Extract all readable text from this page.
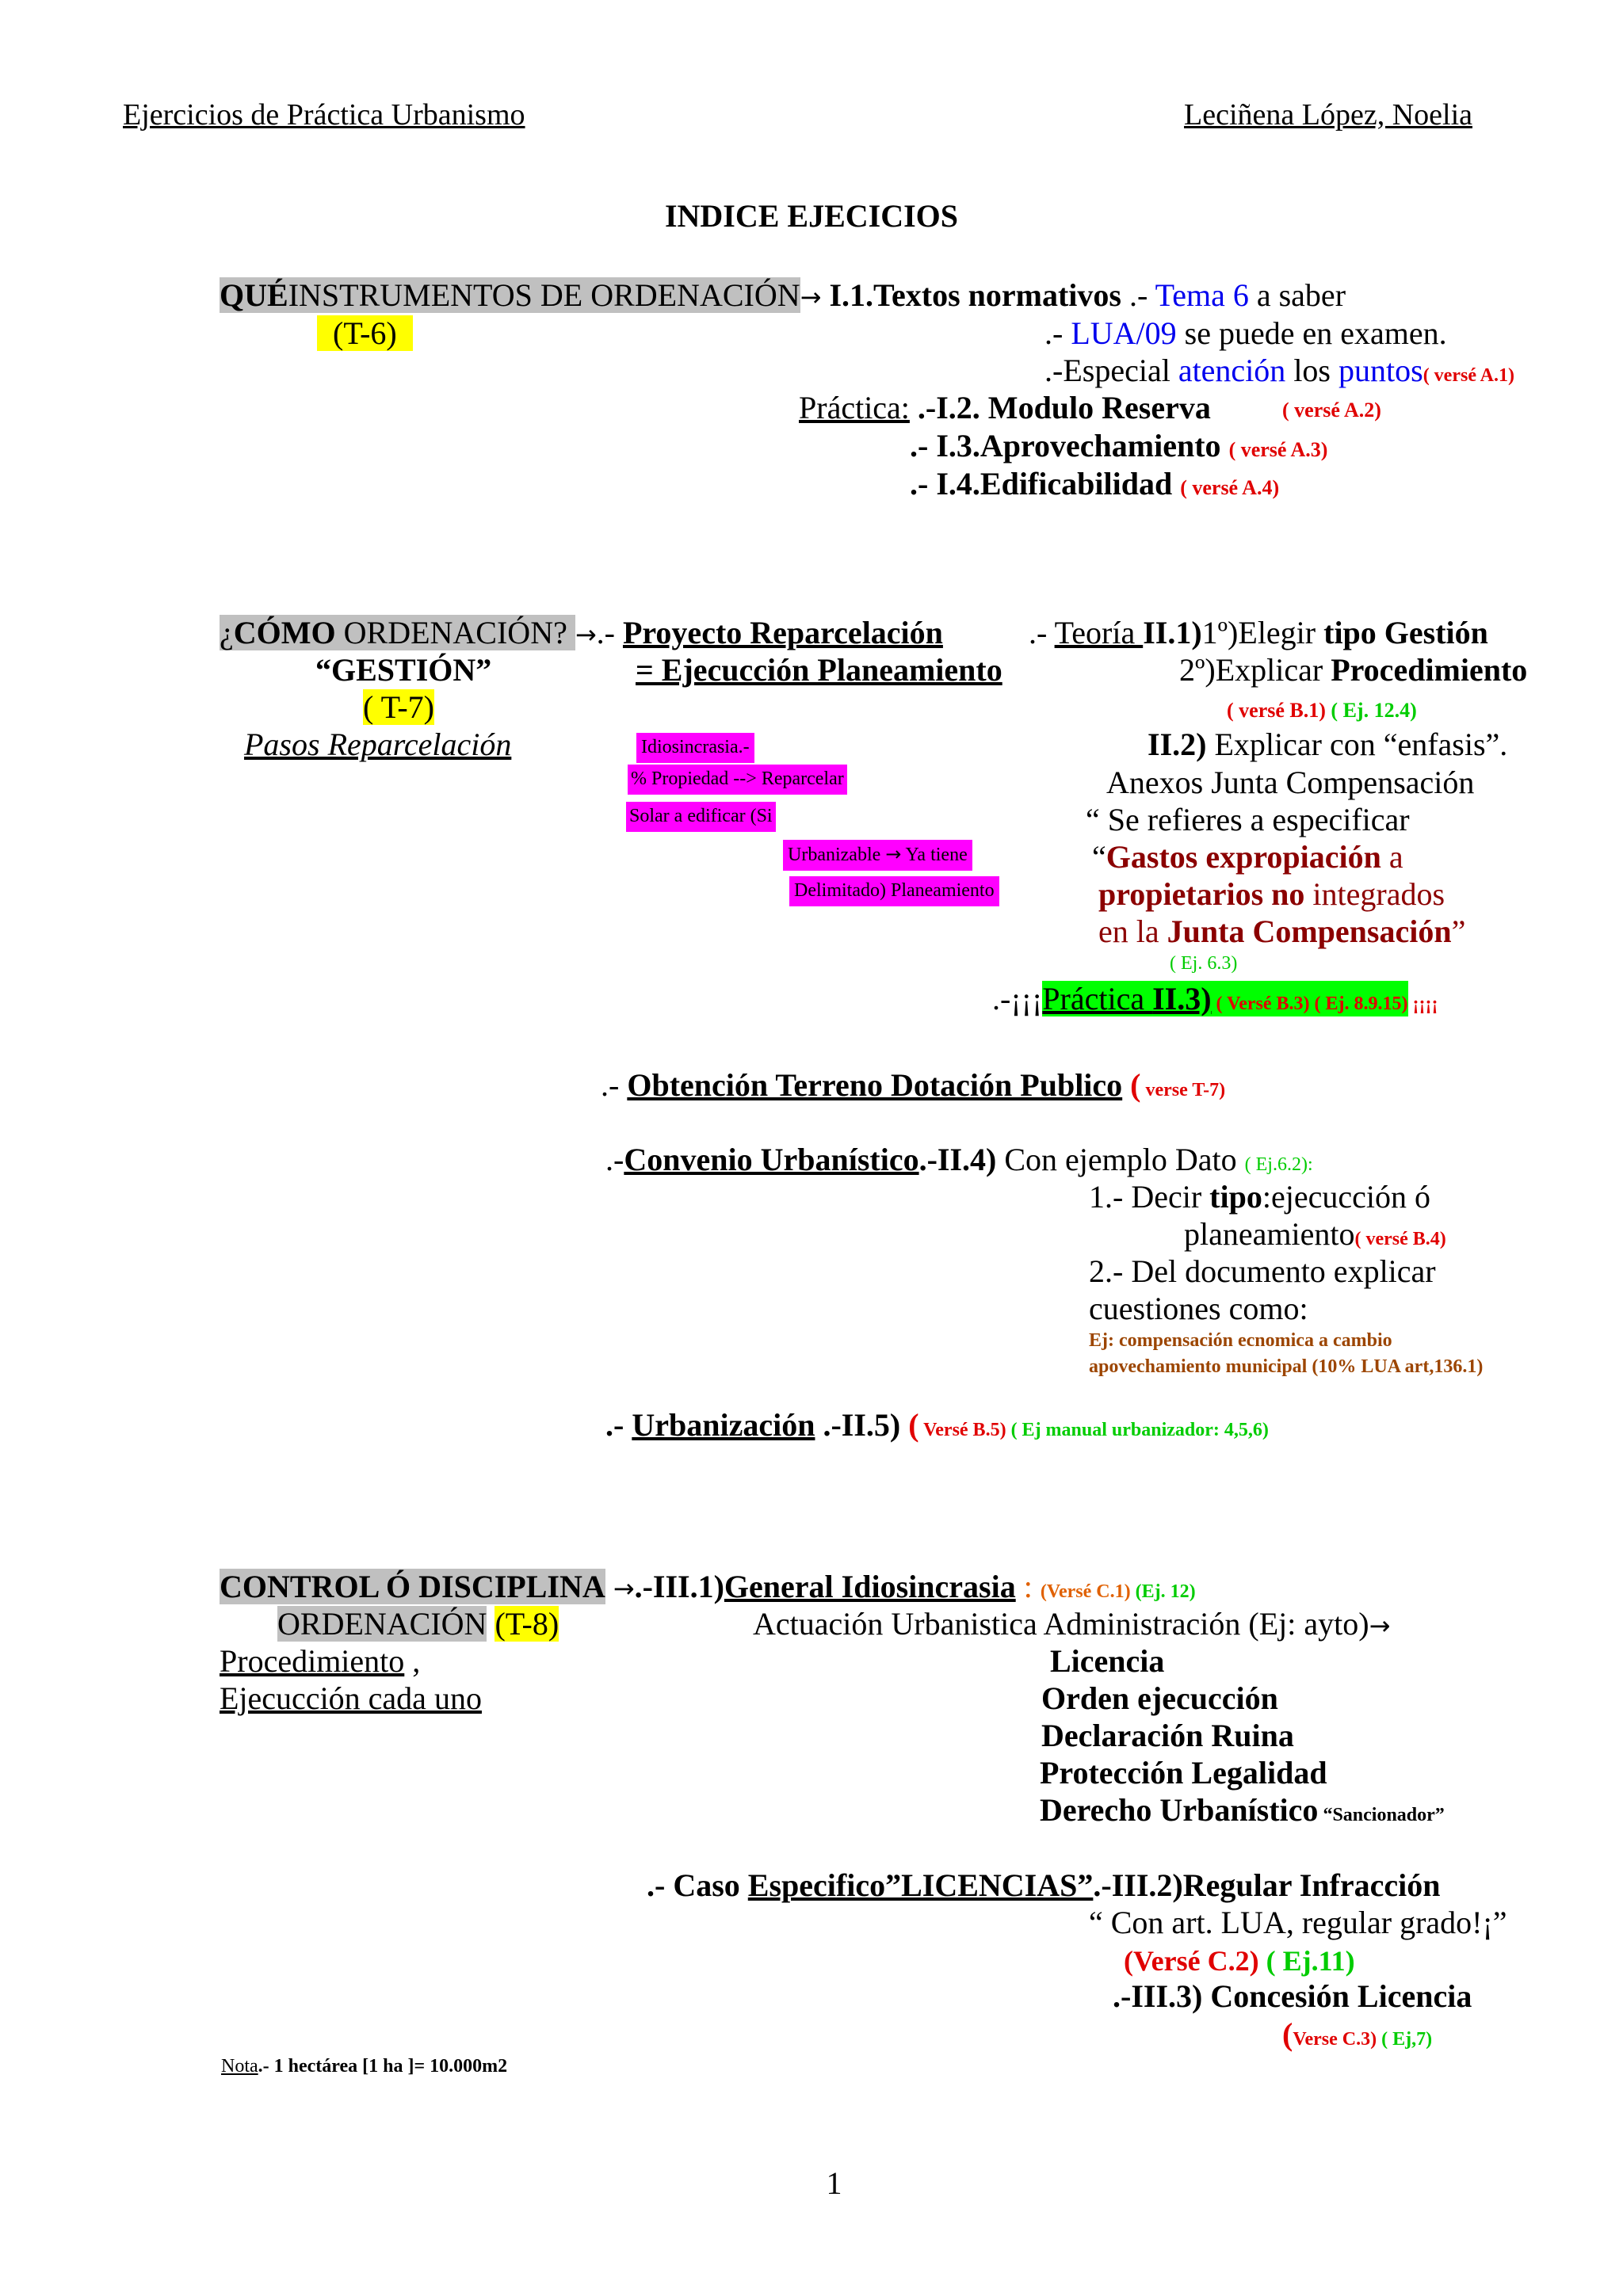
Ejercicios de Práctica Urbanismo	Leciñena López, Noelia
INDICE EJECICIOS
QUÉINSTRUMENTOS DE ORDENACIÓN→ I.1.Textos normativos .- Tema 6 a saber
(T-6)	.- LUA/09 se puede en examen.
.-Especial atención los puntos( versé A.1)
Práctica: .-I.2. Modulo Reserva	( versé A.2)
.- I.3.Aprovechamiento ( versé A.3)
.- I.4.Edificabilidad ( versé A.4)
¿CÓMO ORDENACIÓN? →.- Proyecto Reparcelación	.- Teoría II.1)1º)Elegir tipo Gestión
“GESTIÓN”	= Ejecucción Planeamiento	2º)Explicar Procedimiento
( T-7)	( versé B.1) ( Ej. 12.4)
Pasos Reparcelación	Idiosincrasia.-
% Propiedad --> Reparcelar
Solar a edificar (Si
Urbanizable → Ya tiene
Delimitado) Planeamiento
II.2) Explicar con “enfasis”.
Anexos Junta Compensación
“ Se refieres a especificar
“Gastos expropiación a
propietarios no integrados
en la Junta Compensación”
( Ej. 6.3)
.-¡¡¡Práctica II.3) ( Versé B.3) ( Ej. 8.9.15) ¡¡¡¡
.- Obtención Terreno Dotación Publico ( verse T-7)
.-Convenio Urbanístico.-II.4) Con ejemplo Dato ( Ej.6.2):
1.- Decir tipo:ejecucción ó
planeamiento( versé B.4)
2.- Del documento explicar
cuestiones como:
Ej: compensación ecnomica a cambio
apovechamiento municipal (10% LUA art,136.1)
.- Urbanización .-II.5) ( Versé B.5) ( Ej manual urbanizador: 4,5,6)
CONTROL Ó DISCIPLINA →.-III.1)General Idiosincrasia : (Versé C.1) (Ej. 12)
ORDENACIÓN (T-8)	Actuación Urbanistica Administración (Ej: ayto)→
Procedimiento ,
Ejecucción cada uno
Licencia
Orden ejecucción
Declaración Ruina
Protección Legalidad
Derecho Urbanístico “Sancionador”
.- Caso Especifico”LICENCIAS”.-III.2)Regular Infracción
“ Con art. LUA, regular grado!¡”
(Versé C.2) ( Ej.11)
.-III.3) Concesión Licencia
(Verse C.3) ( Ej,7)
Nota.- 1 hectárea [1 ha ]= 10.000m2
1
